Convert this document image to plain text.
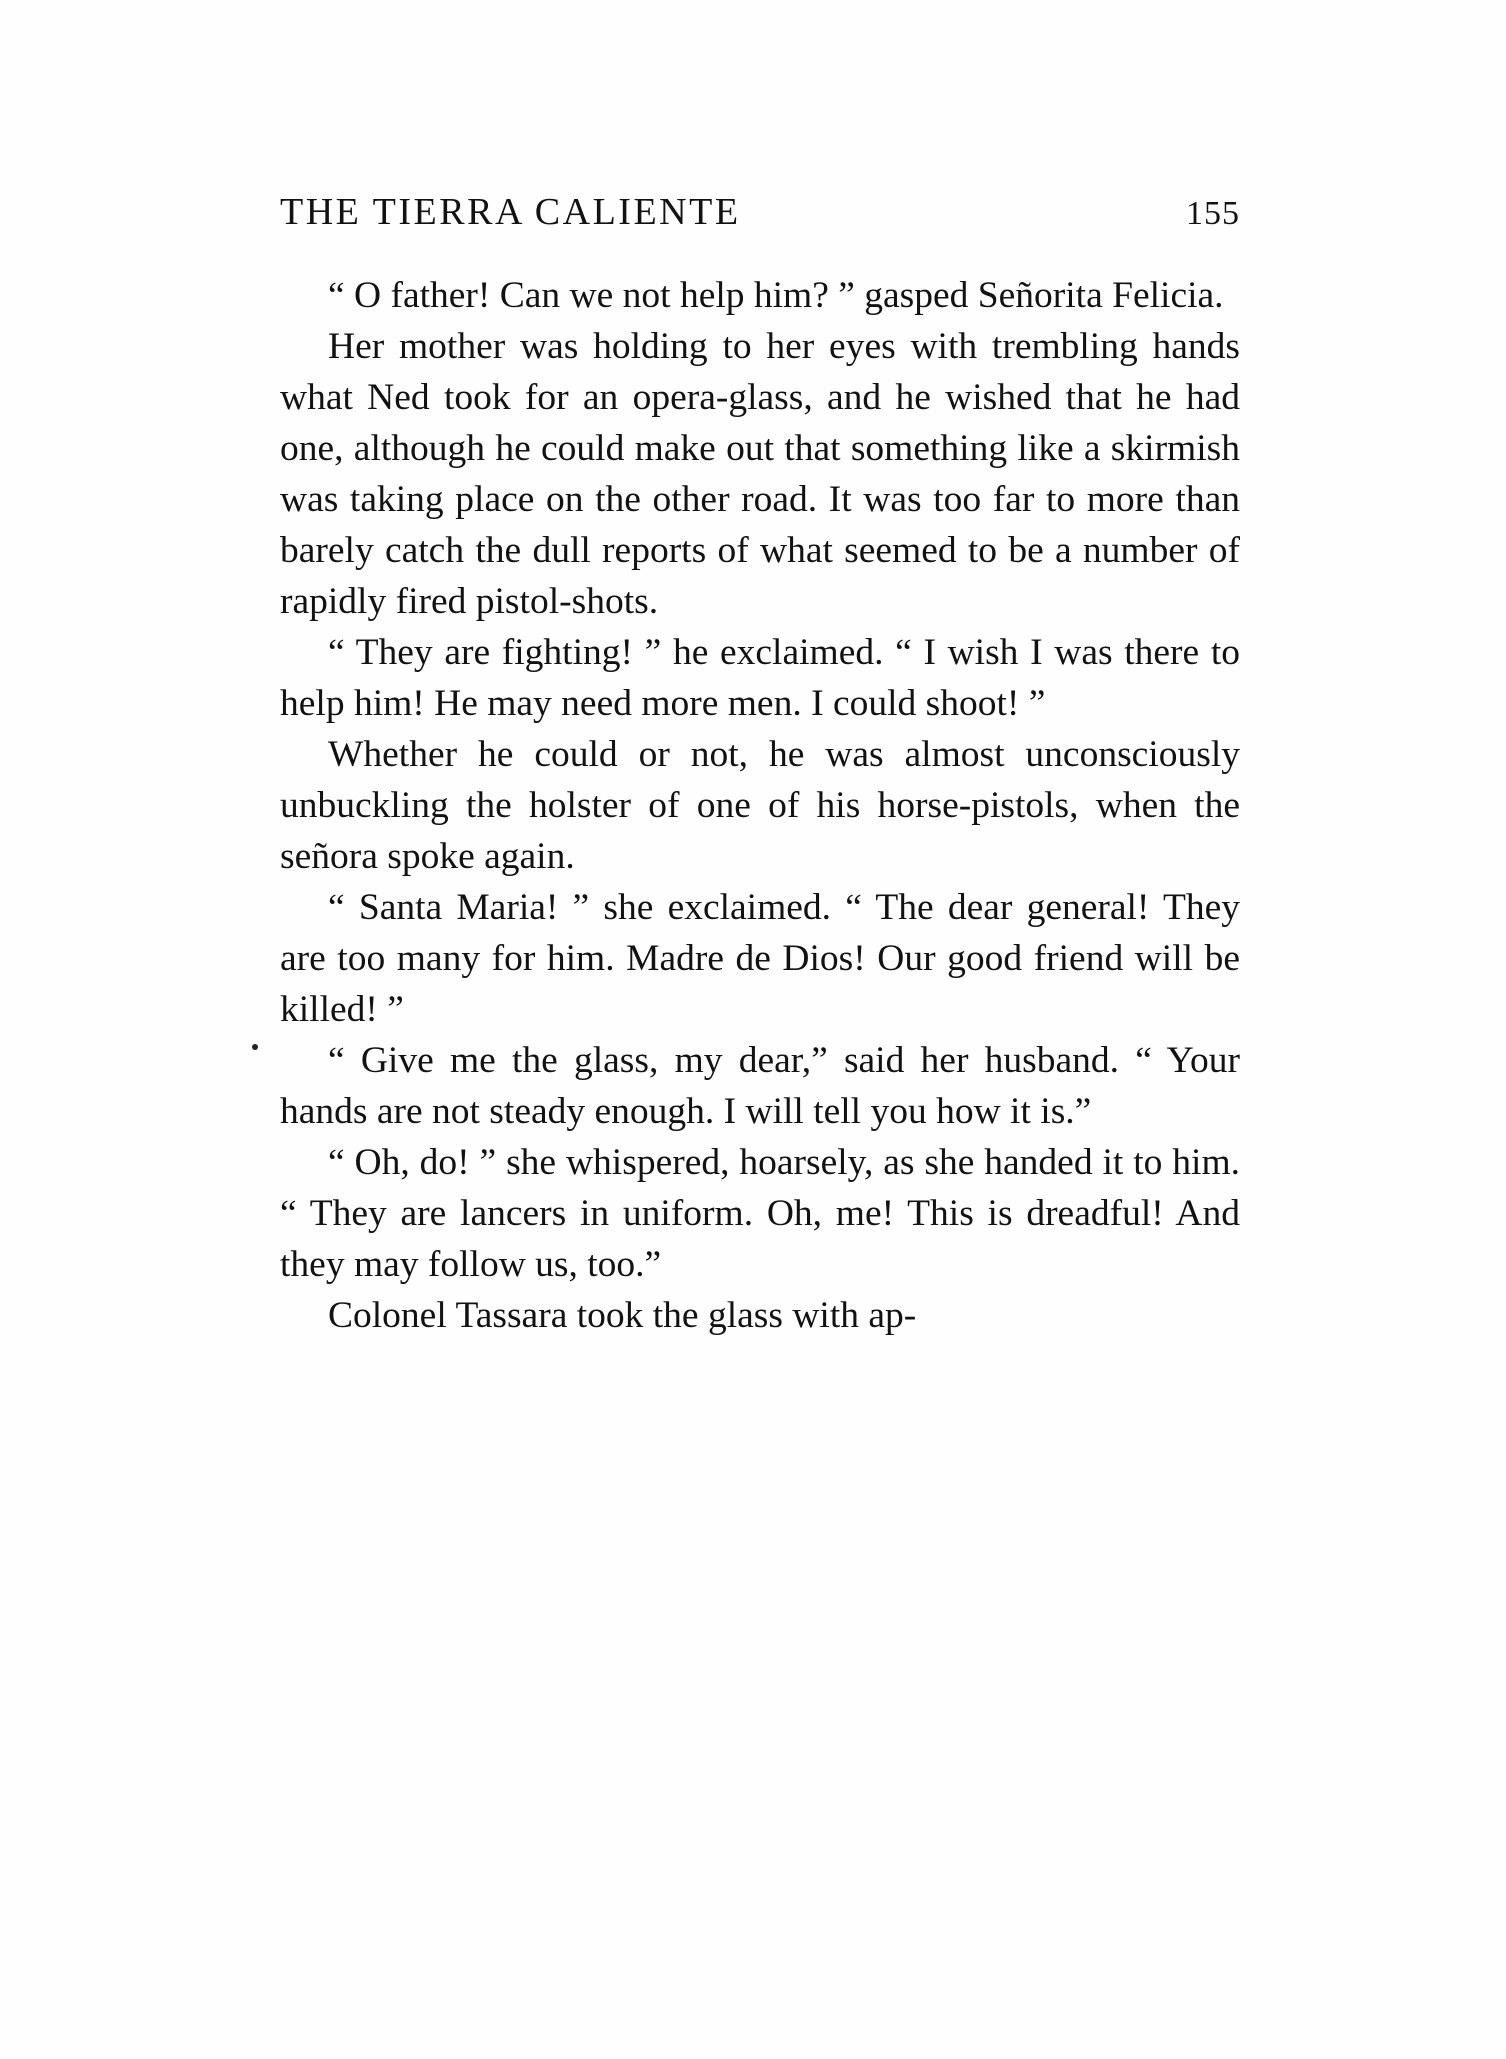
THE TIERRA CALIENTE	155

“ O father! Can we not help him? ” gasped Señorita Felicia.

Her mother was holding to her eyes with trembling hands what Ned took for an opera-glass, and he wished that he had one, although he could make out that something like a skirmish was taking place on the other road. It was too far to more than barely catch the dull reports of what seemed to be a number of rapidly fired pistol-shots.

“ They are fighting! ” he exclaimed. “ I wish I was there to help him! He may need more men. I could shoot! ”

Whether he could or not, he was almost unconsciously unbuckling the holster of one of his horse-pistols, when the señora spoke again.

“ Santa Maria! ” she exclaimed. “ The dear general! They are too many for him. Madre de Dios! Our good friend will be killed! ”

“ Give me the glass, my dear,” said her husband. “ Your hands are not steady enough. I will tell you how it is.”

“ Oh, do! ” she whispered, hoarsely, as she handed it to him. “ They are lancers in uniform. Oh, me! This is dreadful! And they may follow us, too.”

Colonel Tassara took the glass with ap-
